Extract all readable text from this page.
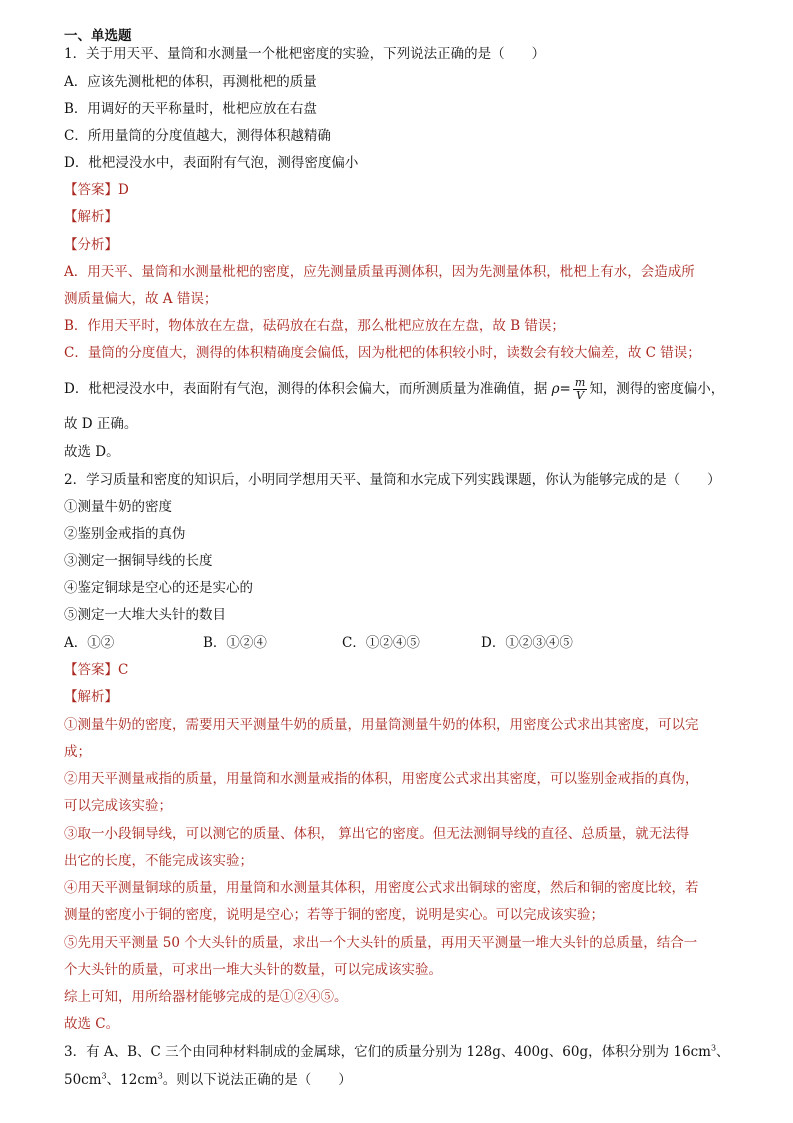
一、单选题
1．关于用天平、量筒和水测量一个枇杷密度的实验，下列说法正确的是（　　）
A．应该先测枇杷的体积，再测枇杷的质量
B．用调好的天平称量时，枇杷应放在右盘
C．所用量筒的分度值越大，测得体积越精确
D．枇杷浸没水中，表面附有气泡，测得密度偏小
【答案】D
【解析】
【分析】
A．用天平、量筒和水测量枇杷的密度，应先测量质量再测体积，因为先测量体积，枇杷上有水，会造成所
测质量偏大，故 A 错误；
B．作用天平时，物体放在左盘，砝码放在右盘，那么枇杷应放在左盘，故 B 错误；
C．量筒的分度值大，测得的体积精确度会偏低，因为枇杷的体积较小时，读数会有较大偏差，故 C 错误；
D．枇杷浸没水中，表面附有气泡，测得的体积会偏大，而所测质量为准确值，据 $\rho= \frac{m}{V}$ 知，测得的密度偏小，
故 D 正确。
故选 D。
2．学习质量和密度的知识后，小明同学想用天平、量筒和水完成下列实践课题，你认为能够完成的是（　　）
①测量牛奶的密度
②鉴别金戒指的真伪
③测定一捆铜导线的长度
④鉴定铜球是空心的还是实心的
⑤测定一大堆大头针的数目
A．①②	B．①②④	C．①②④⑤	D．①②③④⑤
【答案】C
【解析】
①测量牛奶的密度，需要用天平测量牛奶的质量，用量筒测量牛奶的体积，用密度公式求出其密度，可以完
成；
②用天平测量戒指的质量，用量筒和水测量戒指的体积，用密度公式求出其密度，可以鉴别金戒指的真伪，
可以完成该实验；
③取一小段铜导线，可以测它的质量、体积， 算出它的密度。但无法测铜导线的直径、总质量，就无法得
出它的长度，不能完成该实验；
④用天平测量铜球的质量，用量筒和水测量其体积，用密度公式求出铜球的密度，然后和铜的密度比较，若
测量的密度小于铜的密度，说明是空心；若等于铜的密度，说明是实心。可以完成该实验；
⑤先用天平测量 50 个大头针的质量，求出一个大头针的质量，再用天平测量一堆大头针的总质量，结合一
个大头针的质量，可求出一堆大头针的数量，可以完成该实验。
综上可知，用所给器材能够完成的是①②④⑤。
故选 C。
3．有 A、B、C 三个由同种材料制成的金属球，它们的质量分别为 128g、400g、60g，体积分别为 $16cm^3$、
$50cm^3$、$12cm^3$。则以下说法正确的是（　　）
